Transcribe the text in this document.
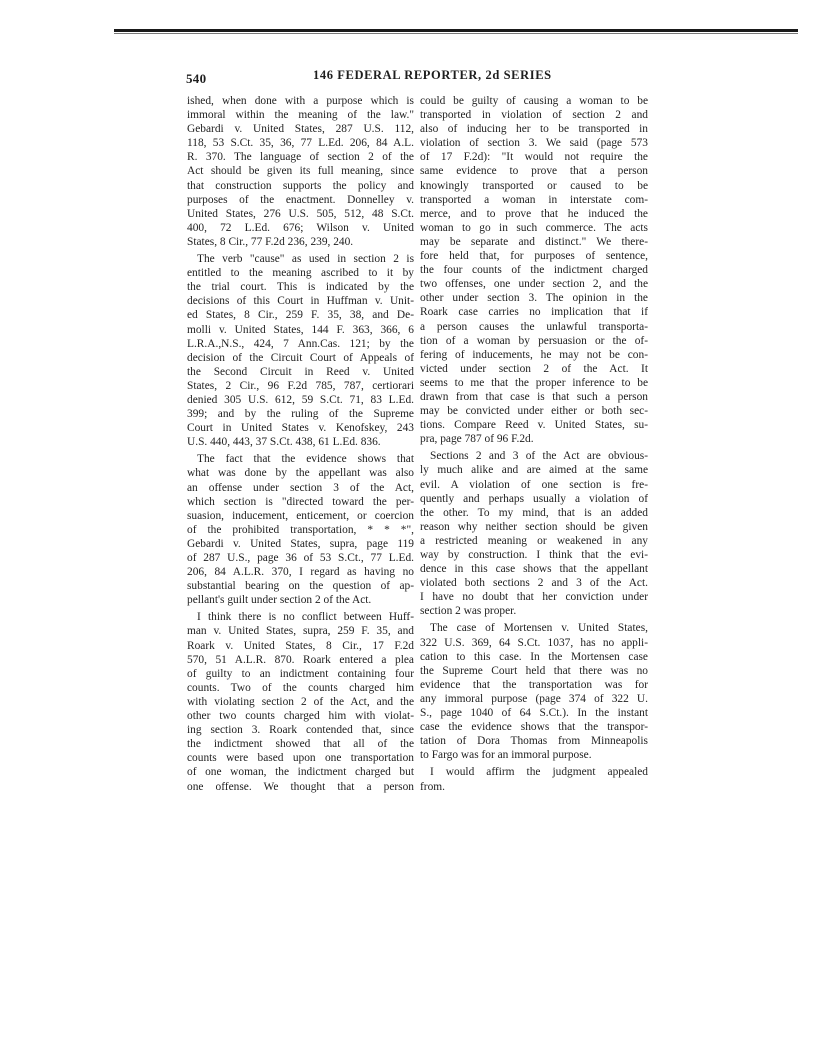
540	146 FEDERAL REPORTER, 2d SERIES
ished, when done with a purpose which is
immoral within the meaning of the law."
Gebardi v. United States, 287 U.S. 112,
118, 53 S.Ct. 35, 36, 77 L.Ed. 206, 84 A.L.
R. 370. The language of section 2 of the
Act should be given its full meaning, since
that construction supports the policy and
purposes of the enactment. Donnelley v.
United States, 276 U.S. 505, 512, 48 S.Ct.
400, 72 L.Ed. 676; Wilson v. United
States, 8 Cir., 77 F.2d 236, 239, 240.
The verb "cause" as used in section 2 is
entitled to the meaning ascribed to it by
the trial court. This is indicated by the
decisions of this Court in Huffman v. Unit-
ed States, 8 Cir., 259 F. 35, 38, and De-
molli v. United States, 144 F. 363, 366, 6
L.R.A.,N.S., 424, 7 Ann.Cas. 121; by the
decision of the Circuit Court of Appeals of
the Second Circuit in Reed v. United
States, 2 Cir., 96 F.2d 785, 787, certiorari
denied 305 U.S. 612, 59 S.Ct. 71, 83 L.Ed.
399; and by the ruling of the Supreme
Court in United States v. Kenofskey, 243
U.S. 440, 443, 37 S.Ct. 438, 61 L.Ed. 836.
The fact that the evidence shows that
what was done by the appellant was also
an offense under section 3 of the Act,
which section is "directed toward the per-
suasion, inducement, enticement, or coercion
of the prohibited transportation, * * *",
Gebardi v. United States, supra, page 119
of 287 U.S., page 36 of 53 S.Ct., 77 L.Ed.
206, 84 A.L.R. 370, I regard as having no
substantial bearing on the question of ap-
pellant's guilt under section 2 of the Act.
I think there is no conflict between Huff-
man v. United States, supra, 259 F. 35, and
Roark v. United States, 8 Cir., 17 F.2d
570, 51 A.L.R. 870. Roark entered a plea
of guilty to an indictment containing four
counts. Two of the counts charged him
with violating section 2 of the Act, and the
other two counts charged him with violat-
ing section 3. Roark contended that, since
the indictment showed that all of the
counts were based upon one transportation
of one woman, the indictment charged but
one offense. We thought that a person
could be guilty of causing a woman to be
transported in violation of section 2 and
also of inducing her to be transported in
violation of section 3. We said (page 573
of 17 F.2d): "It would not require the
same evidence to prove that a person
knowingly transported or caused to be
transported a woman in interstate com-
merce, and to prove that he induced the
woman to go in such commerce. The acts
may be separate and distinct." We there-
fore held that, for purposes of sentence,
the four counts of the indictment charged
two offenses, one under section 2, and the
other under section 3. The opinion in the
Roark case carries no implication that if
a person causes the unlawful transporta-
tion of a woman by persuasion or the of-
fering of inducements, he may not be con-
victed under section 2 of the Act. It
seems to me that the proper inference to be
drawn from that case is that such a person
may be convicted under either or both sec-
tions. Compare Reed v. United States, su-
pra, page 787 of 96 F.2d.
Sections 2 and 3 of the Act are obvious-
ly much alike and are aimed at the same
evil. A violation of one section is fre-
quently and perhaps usually a violation of
the other. To my mind, that is an added
reason why neither section should be given
a restricted meaning or weakened in any
way by construction. I think that the evi-
dence in this case shows that the appellant
violated both sections 2 and 3 of the Act.
I have no doubt that her conviction under
section 2 was proper.
The case of Mortensen v. United States,
322 U.S. 369, 64 S.Ct. 1037, has no appli-
cation to this case. In the Mortensen case
the Supreme Court held that there was no
evidence that the transportation was for
any immoral purpose (page 374 of 322 U.
S., page 1040 of 64 S.Ct.). In the instant
case the evidence shows that the transpor-
tation of Dora Thomas from Minneapolis
to Fargo was for an immoral purpose.
I would affirm the judgment appealed
from.
